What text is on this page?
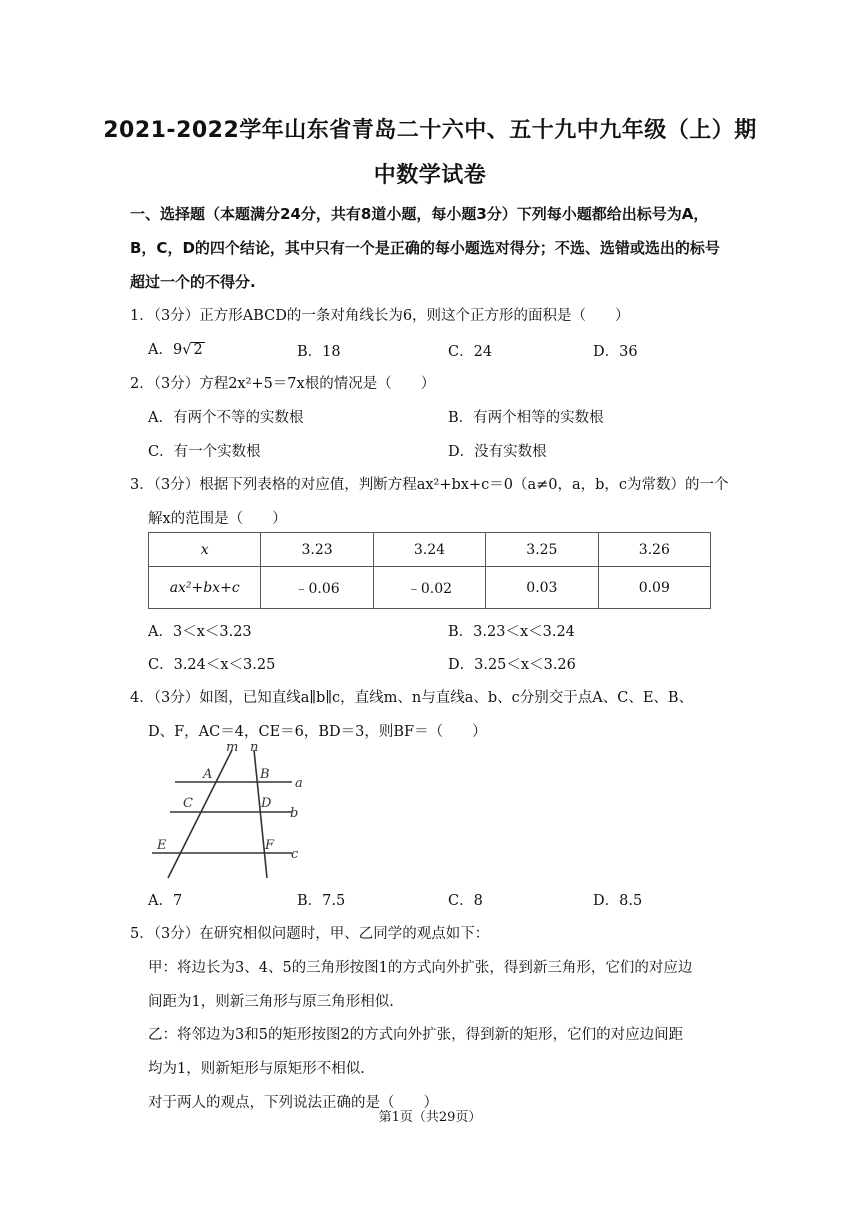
2021-2022学年山东省青岛二十六中、五十九中九年级（上）期
中数学试卷
一、选择题（本题满分24分，共有8道小题，每小题3分）下列每小题都给出标号为A，
B，C，D的四个结论，其中只有一个是正确的每小题选对得分；不选、选错或选出的标号
超过一个的不得分.
1．（3分）正方形ABCD的一条对角线长为6，则这个正方形的面积是（　　）
A．9√ 2	B．18	C．24	D．36
2．（3分）方程2x²+5＝7x根的情况是（　　）
A．有两个不等的实数根	B．有两个相等的实数根
C．有一个实数根	D．没有实数根
3．（3分）根据下列表格的对应值，判断方程ax²+bx+c＝0（a≠0，a，b，c为常数）的一个
解x的范围是（　　）
x	3.23	3.24	3.25	3.26
ax²+bx+c	﹣0.06	﹣0.02	0.03	0.09
A．3＜x＜3.23	B．3.23＜x＜3.24
C．3.24＜x＜3.25	D．3.25＜x＜3.26
4．（3分）如图，已知直线a∥b∥c，直线m、n与直线a、b、c分别交于点A、C、E、B、
D、F，AC＝4，CE＝6，BD＝3，则BF＝（　　）
m n
A	B
a
C	D
b
E	F
c
A．7	B．7.5	C．8	D．8.5
5．（3分）在研究相似问题时，甲、乙同学的观点如下：
甲：将边长为3、4、5的三角形按图1的方式向外扩张，得到新三角形，它们的对应边
间距为1，则新三角形与原三角形相似.
乙：将邻边为3和5的矩形按图2的方式向外扩张，得到新的矩形，它们的对应边间距
均为1，则新矩形与原矩形不相似.
对于两人的观点，下列说法正确的是（　　）
第1页（共29页）
